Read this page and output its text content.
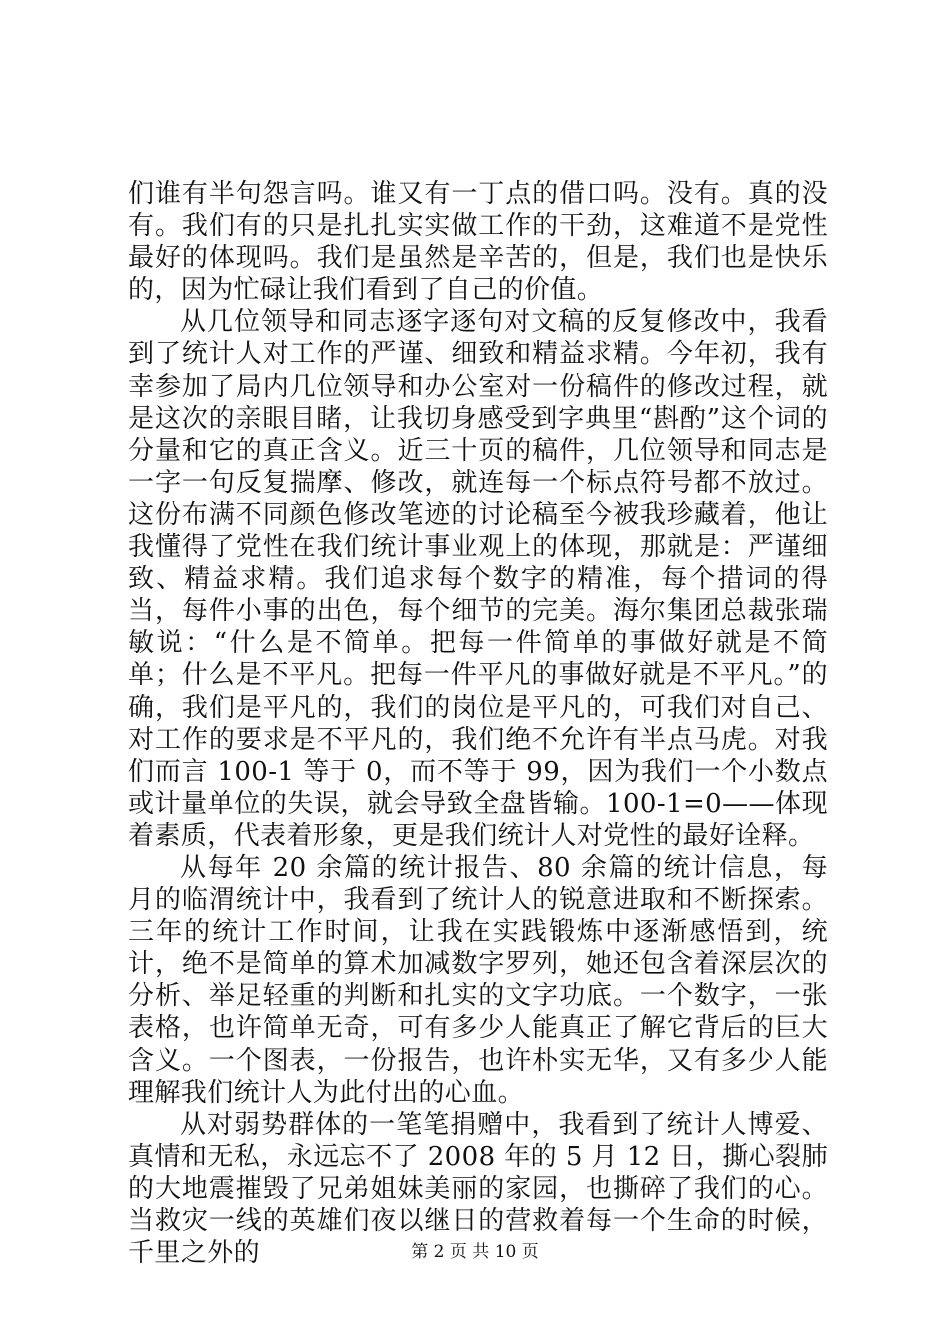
们谁有半句怨言吗。谁又有一丁点的借口吗。没有。真的没有。我们有的只是扎扎实实做工作的干劲，这难道不是党性最好的体现吗。我们是虽然是辛苦的，但是，我们也是快乐的，因为忙碌让我们看到了自己的价值。

从几位领导和同志逐字逐句对文稿的反复修改中，我看到了统计人对工作的严谨、细致和精益求精。今年初，我有幸参加了局内几位领导和办公室对一份稿件的修改过程，就是这次的亲眼目睹，让我切身感受到字典里“斟酌”这个词的分量和它的真正含义。近三十页的稿件，几位领导和同志是一字一句反复揣摩、修改，就连每一个标点符号都不放过。这份布满不同颜色修改笔迹的讨论稿至今被我珍藏着，他让我懂得了党性在我们统计事业观上的体现，那就是：严谨细致、精益求精。我们追求每个数字的精准，每个措词的得当，每件小事的出色，每个细节的完美。海尔集团总裁张瑞敏说：“什么是不简单。把每一件简单的事做好就是不简单；什么是不平凡。把每一件平凡的事做好就是不平凡。”的确，我们是平凡的，我们的岗位是平凡的，可我们对自己、对工作的要求是不平凡的，我们绝不允许有半点马虎。对我们而言 100-1 等于 0，而不等于 99，因为我们一个小数点或计量单位的失误，就会导致全盘皆输。100-1=0——体现着素质，代表着形象，更是我们统计人对党性的最好诠释。

从每年 20 余篇的统计报告、80 余篇的统计信息，每月的临渭统计中，我看到了统计人的锐意进取和不断探索。三年的统计工作时间，让我在实践锻炼中逐渐感悟到，统计，绝不是简单的算术加减数字罗列，她还包含着深层次的分析、举足轻重的判断和扎实的文字功底。一个数字，一张表格，也许简单无奇，可有多少人能真正了解它背后的巨大含义。一个图表，一份报告，也许朴实无华，又有多少人能理解我们统计人为此付出的心血。

从对弱势群体的一笔笔捐赠中，我看到了统计人博爱、真情和无私，永远忘不了 2008 年的 5 月 12 日，撕心裂肺的大地震摧毁了兄弟姐妹美丽的家园，也撕碎了我们的心。当救灾一线的英雄们夜以继日的营救着每一个生命的时候，千里之外的	第 2 页 共 10 页
